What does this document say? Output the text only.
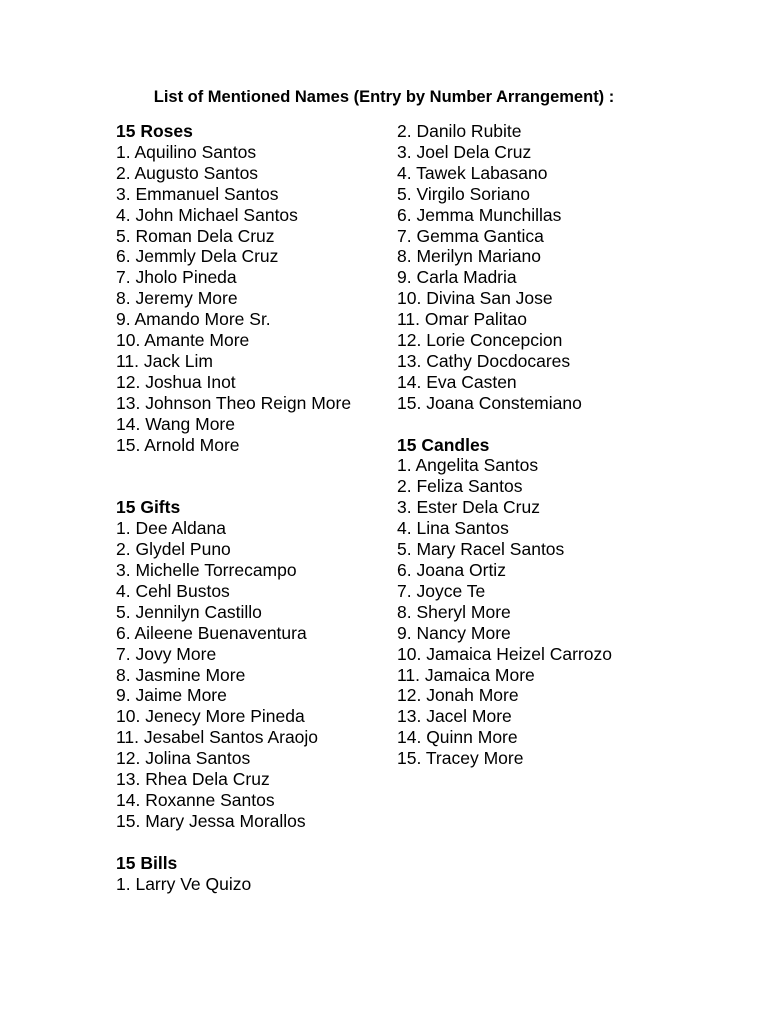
List of Mentioned Names (Entry by Number Arrangement) :
15 Roses
1. Aquilino Santos
2. Augusto Santos
3. Emmanuel Santos
4. John Michael Santos
5. Roman Dela Cruz
6. Jemmly Dela Cruz
7. Jholo Pineda
8. Jeremy More
9. Amando More Sr.
10. Amante More
11. Jack Lim
12. Joshua Inot
13. Johnson Theo Reign More
14. Wang More
15. Arnold More
15 Gifts
1. Dee Aldana
2. Glydel Puno
3. Michelle Torrecampo
4. Cehl Bustos
5. Jennilyn Castillo
6. Aileene Buenaventura
7. Jovy More
8. Jasmine More
9. Jaime More
10. Jenecy More Pineda
11. Jesabel Santos Araojo
12. Jolina Santos
13. Rhea Dela Cruz
14. Roxanne Santos
15. Mary Jessa Morallos
15 Bills
1. Larry Ve Quizo
2. Danilo Rubite
3. Joel Dela Cruz
4. Tawek Labasano
5. Virgilo Soriano
6. Jemma Munchillas
7. Gemma Gantica
8. Merilyn Mariano
9. Carla Madria
10. Divina San Jose
11. Omar Palitao
12. Lorie Concepcion
13. Cathy Docdocares
14. Eva Casten
15. Joana Constemiano
15 Candles
1. Angelita Santos
2. Feliza Santos
3. Ester Dela Cruz
4. Lina Santos
5. Mary Racel Santos
6. Joana Ortiz
7. Joyce Te
8. Sheryl More
9. Nancy More
10. Jamaica Heizel Carrozo
11. Jamaica More
12. Jonah More
13. Jacel More
14. Quinn More
15. Tracey More
